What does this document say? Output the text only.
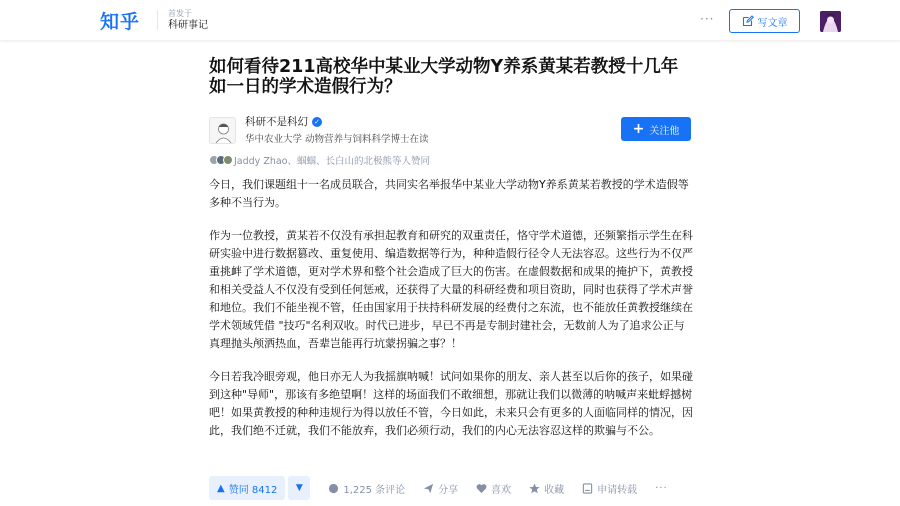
知乎	首发于
科研事记	···	写文章
如何看待211高校华中某业大学动物Y养系黄某若教授十几年如一日的学术造假行为？
科研不是科幻 ✓
华中农业大学 动物营养与饲料科学博士在读
+ 关注他
Jaddy Zhao、蝈蝈、长白山的北极熊等人赞同

今日，我们课题组十一名成员联合，共同实名举报华中某业大学动物Y养系黄某若教授的学术造假等多种不当行为。

作为一位教授，黄某若不仅没有承担起教育和研究的双重责任，恪守学术道德，还频繁指示学生在科研实验中进行数据篡改、重复使用、编造数据等行为，种种造假行径令人无法容忍。这些行为不仅严重挑衅了学术道德，更对学术界和整个社会造成了巨大的伤害。在虚假数据和成果的掩护下，黄教授和相关受益人不仅没有受到任何惩戒，还获得了大量的科研经费和项目资助，同时也获得了学术声誉和地位。我们不能坐视不管，任由国家用于扶持科研发展的经费付之东流，也不能放任黄教授继续在学术领域凭借 "技巧"名利双收。时代已进步，早已不再是专制封建社会，无数前人为了追求公正与真理抛头颅洒热血，吾辈岂能再行坑蒙拐骗之事？！

今日若我冷眼旁观，他日亦无人为我摇旗呐喊！试问如果你的朋友、亲人甚至以后你的孩子，如果碰到这种"导师"，那该有多绝望啊！这样的场面我们不敢细想，那就让我们以微薄的呐喊声来蚍蜉撼树吧！如果黄教授的种种违规行为得以放任不管，今日如此，未来只会有更多的人面临同样的情况，因此，我们绝不迁就，我们不能放弃，我们必须行动，我们的内心无法容忍这样的欺骗与不公。

▲ 赞同 8412	▼	1,225 条评论	分享	喜欢	收藏	申请转载 ···
